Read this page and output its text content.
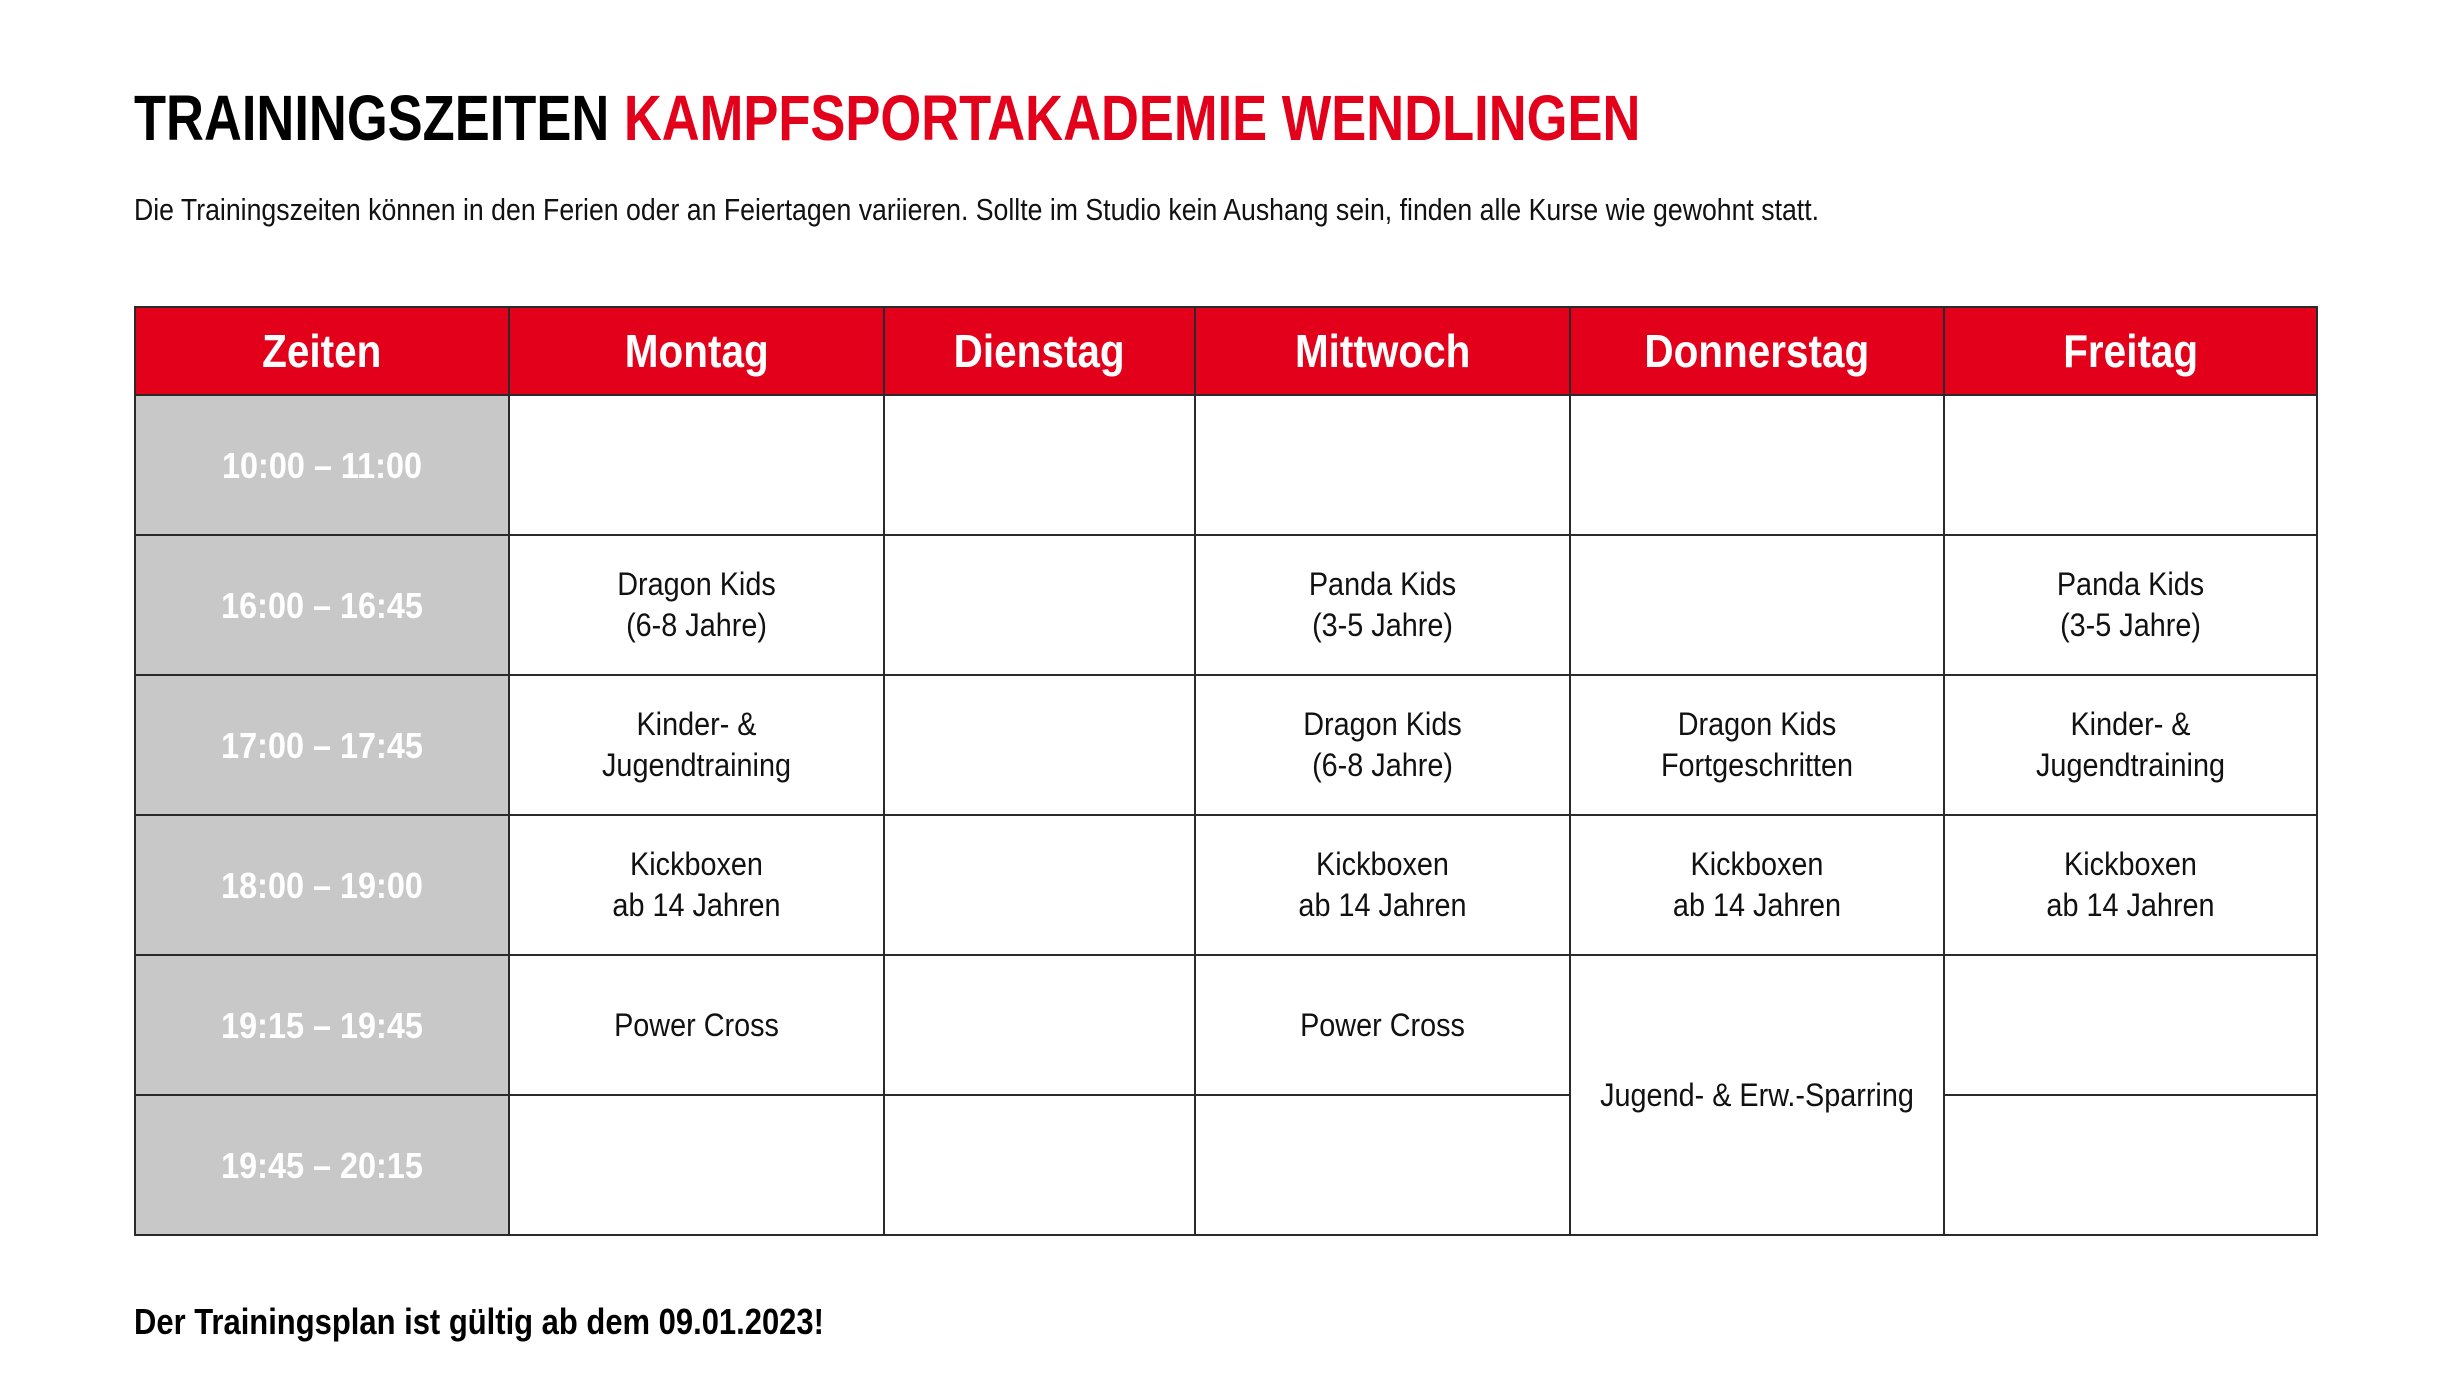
TRAININGSZEITEN KAMPFSPORTAKADEMIE WENDLINGEN

Die Trainingszeiten können in den Ferien oder an Feiertagen variieren. Sollte im Studio kein Aushang sein, finden alle Kurse wie gewohnt statt.

Zeiten	Montag	Dienstag	Mittwoch	Donnerstag	Freitag

10:00 – 11:00					

16:00 – 16:45	Dragon Kids
(6-8 Jahre)		Panda Kids
(3-5 Jahre)		Panda Kids
(3-5 Jahre)

17:00 – 17:45	Kinder- &
Jugendtraining		Dragon Kids
(6-8 Jahre)	Dragon Kids
Fortgeschritten	Kinder- &
Jugendtraining

18:00 – 19:00	Kickboxen
ab 14 Jahren		Kickboxen
ab 14 Jahren	Kickboxen
ab 14 Jahren	Kickboxen
ab 14 Jahren

19:15 – 19:45	Power Cross		Power Cross	Jugend- & Erw.-Sparring	

19:45 – 20:15					

Der Trainingsplan ist gültig ab dem 09.01.2023!
